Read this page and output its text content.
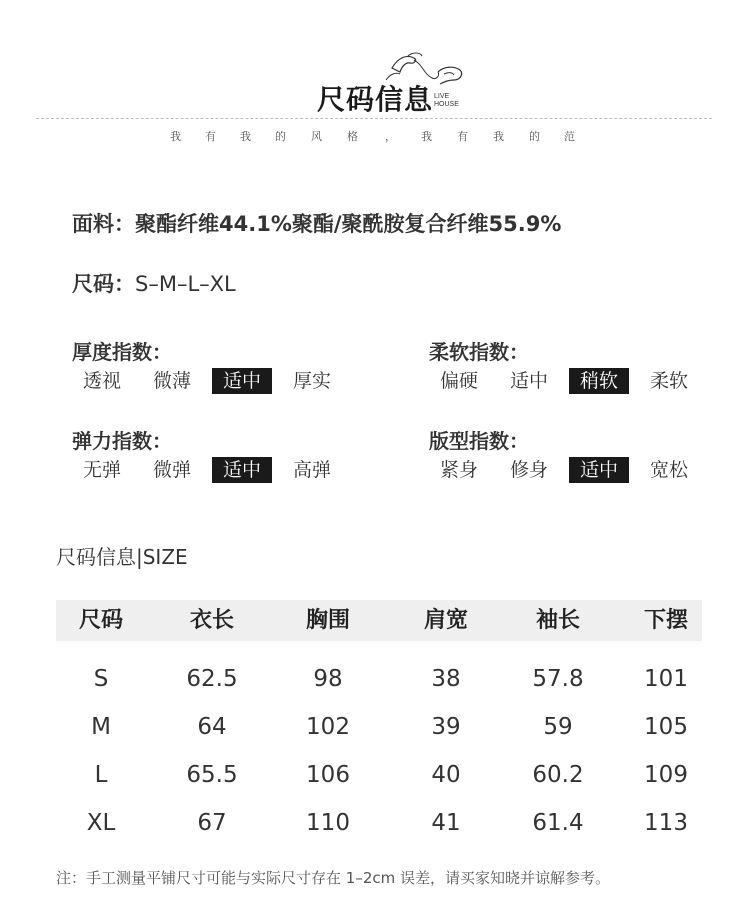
LIVE
HOUSE
尺码信息
我 有 我 的 风 格 ， 我 有 我 的 范
面料：聚酯纤维44.1%聚酯/聚酰胺复合纤维55.9%
尺码：S–M–L–XL
厚度指数：
透视	微薄	适中	厚实
柔软指数：
偏硬	适中	稍软	柔软
弹力指数：
无弹	微弹	适中	高弹
版型指数：
紧身	修身	适中	宽松
尺码信息|SIZE
尺码	衣长	胸围	肩宽	袖长	下摆
S	62.5	98	38	57.8	101
M	64	102	39	59	105
L	65.5	106	40	60.2	109
XL	67	110	41	61.4	113
注：手工测量平铺尺寸可能与实际尺寸存在 1–2cm 误差，请买家知晓并谅解参考。
